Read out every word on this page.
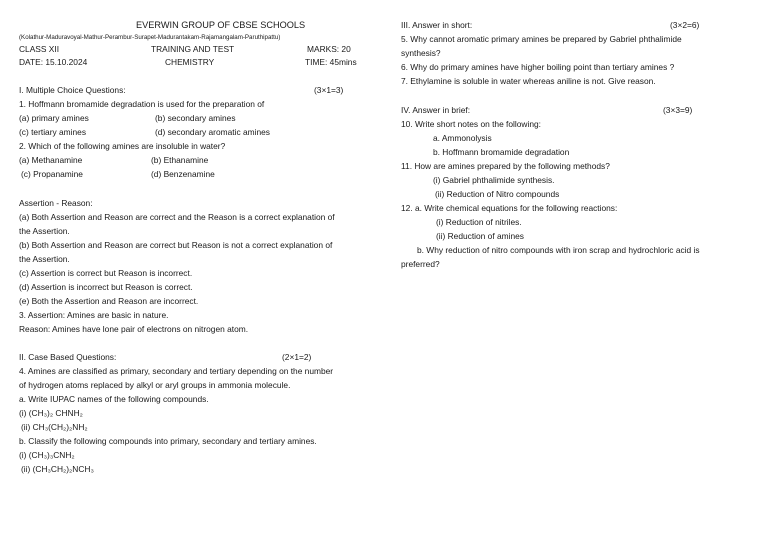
EVERWIN GROUP OF CBSE SCHOOLS
(Kolathur-Maduravoyal-Mathur-Perambur-Surapet-Madurantakam-Rajamangalam-Paruthipattu)
CLASS XII	TRAINING AND TEST	MARKS: 20
DATE: 15.10.2024	CHEMISTRY	TIME: 45mins
I. Multiple Choice Questions:	(3×1=3)
1. Hoffmann bromamide degradation is used for the preparation of
(a) primary amines	(b) secondary amines
(c) tertiary amines	(d) secondary aromatic amines
2. Which of the following amines are insoluble in water?
(a) Methanamine	(b) Ethanamine
(c) Propanamine	(d) Benzenamine
Assertion - Reason:
(a) Both Assertion and Reason are correct and the Reason is a correct explanation of
the Assertion.
(b) Both Assertion and Reason are correct but Reason is not a correct explanation of
the Assertion.
(c) Assertion is correct but Reason is incorrect.
(d) Assertion is incorrect but Reason is correct.
(e) Both the Assertion and Reason are incorrect.
3. Assertion: Amines are basic in nature.
Reason: Amines have lone pair of electrons on nitrogen atom.
II. Case Based Questions:	(2×1=2)
4. Amines are classified as primary, secondary and tertiary depending on the number
of hydrogen atoms replaced by alkyl or aryl groups in ammonia molecule.
a. Write IUPAC names of the following compounds.
(i) (CH₃)₂ CHNH₂
(ii) CH₃(CH₂)₂NH₂
b. Classify the following compounds into primary, secondary and tertiary amines.
(i) (CH₃)₃CNH₂
(ii) (CH₃CH₂)₂NCH₃
III. Answer in short:	(3×2=6)
5. Why cannot aromatic primary amines be prepared by Gabriel phthalimide
synthesis?
6. Why do primary amines have higher boiling point than tertiary amines ?
7. Ethylamine is soluble in water whereas aniline is not. Give reason.
IV. Answer in brief:	(3×3=9)
10. Write short notes on the following:
a. Ammonolysis
b. Hoffmann bromamide degradation
11. How are amines prepared by the following methods?
(i) Gabriel phthalimide synthesis.
(ii) Reduction of Nitro compounds
12. a. Write chemical equations for the following reactions:
(i) Reduction of nitriles.
(ii) Reduction of amines
b. Why reduction of nitro compounds with iron scrap and hydrochloric acid is
preferred?
